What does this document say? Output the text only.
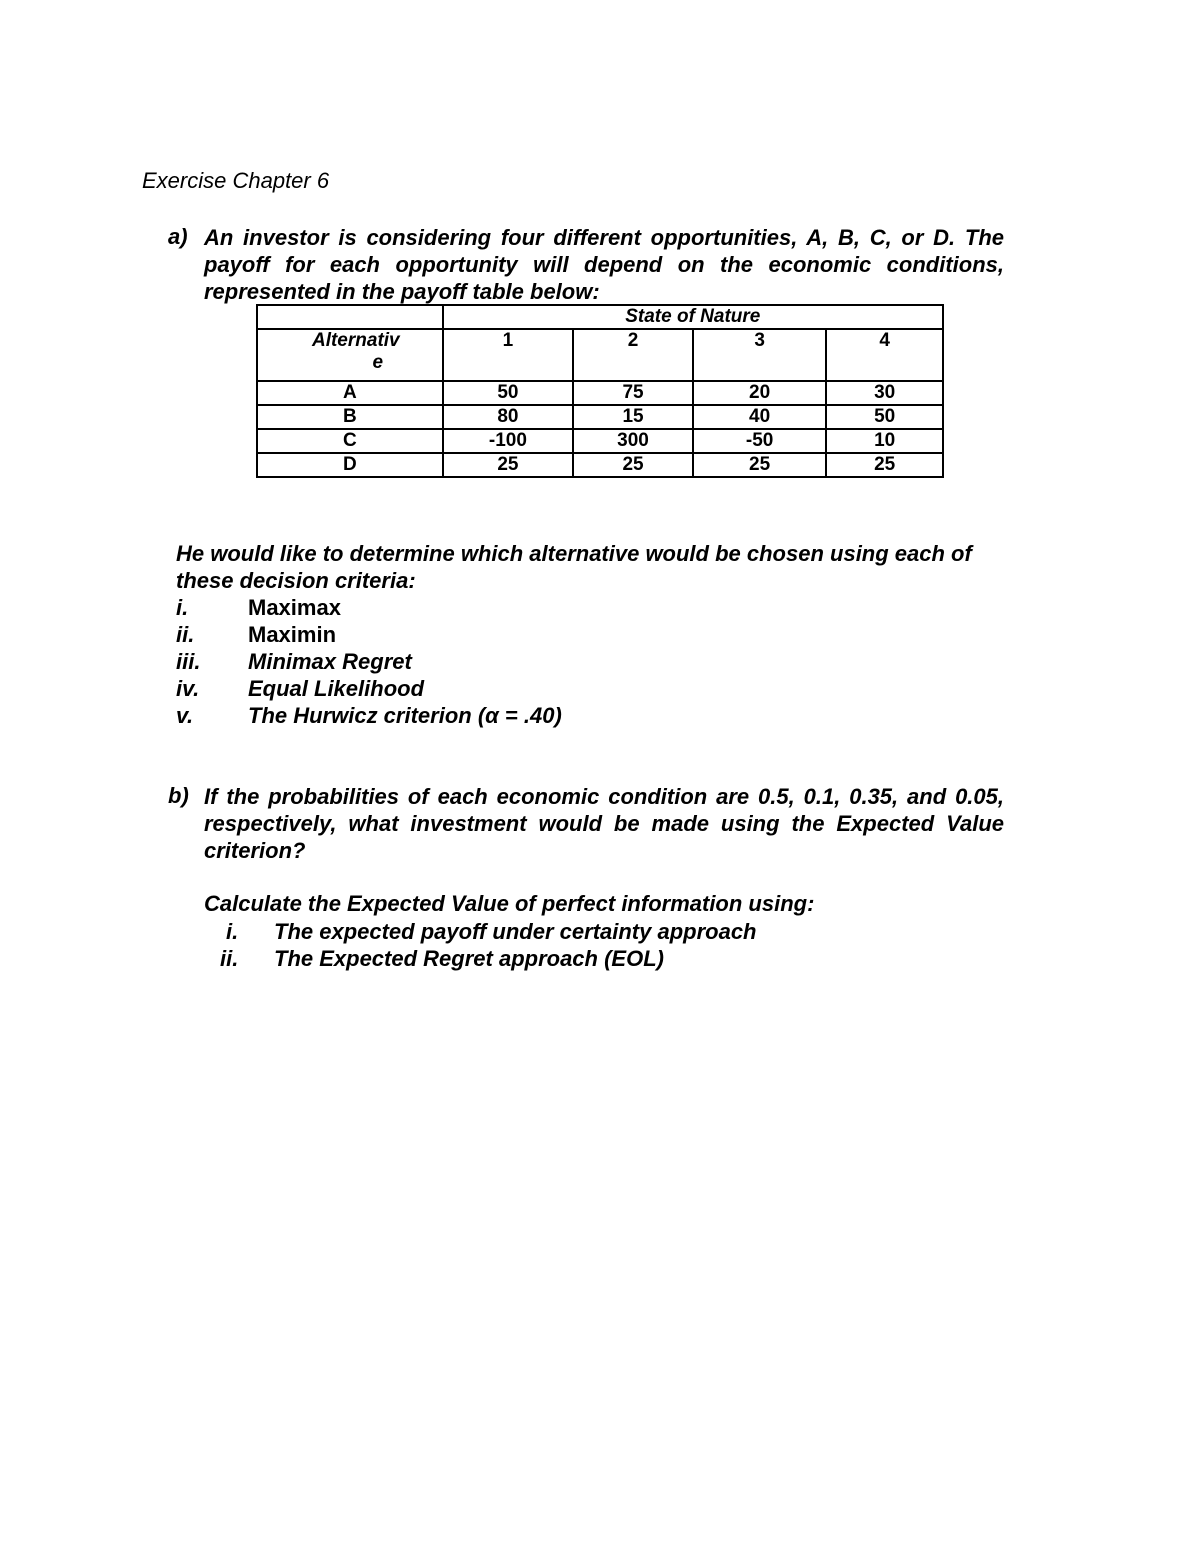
Exercise Chapter 6
a) An investor is considering four different opportunities, A, B, C, or D. The payoff for each opportunity will depend on the economic conditions, represented in the payoff table below:
	State of Nature			

Alternativ
e	1	2	3	4
A	50	75	20	30
B	80	15	40	50
C	-100	300	-50	10
D	25	25	25	25
He would like to determine which alternative would be chosen using each of these decision criteria:
i.	Maximax
ii.	Maximin
iii.	Minimax Regret
iv.	Equal Likelihood
v.	The Hurwicz criterion (α = .40)
b) If the probabilities of each economic condition are 0.5, 0.1, 0.35, and 0.05, respectively, what investment would be made using the Expected Value criterion?
Calculate the Expected Value of perfect information using:
i.	The expected payoff under certainty approach
ii.	The Expected Regret approach (EOL)
